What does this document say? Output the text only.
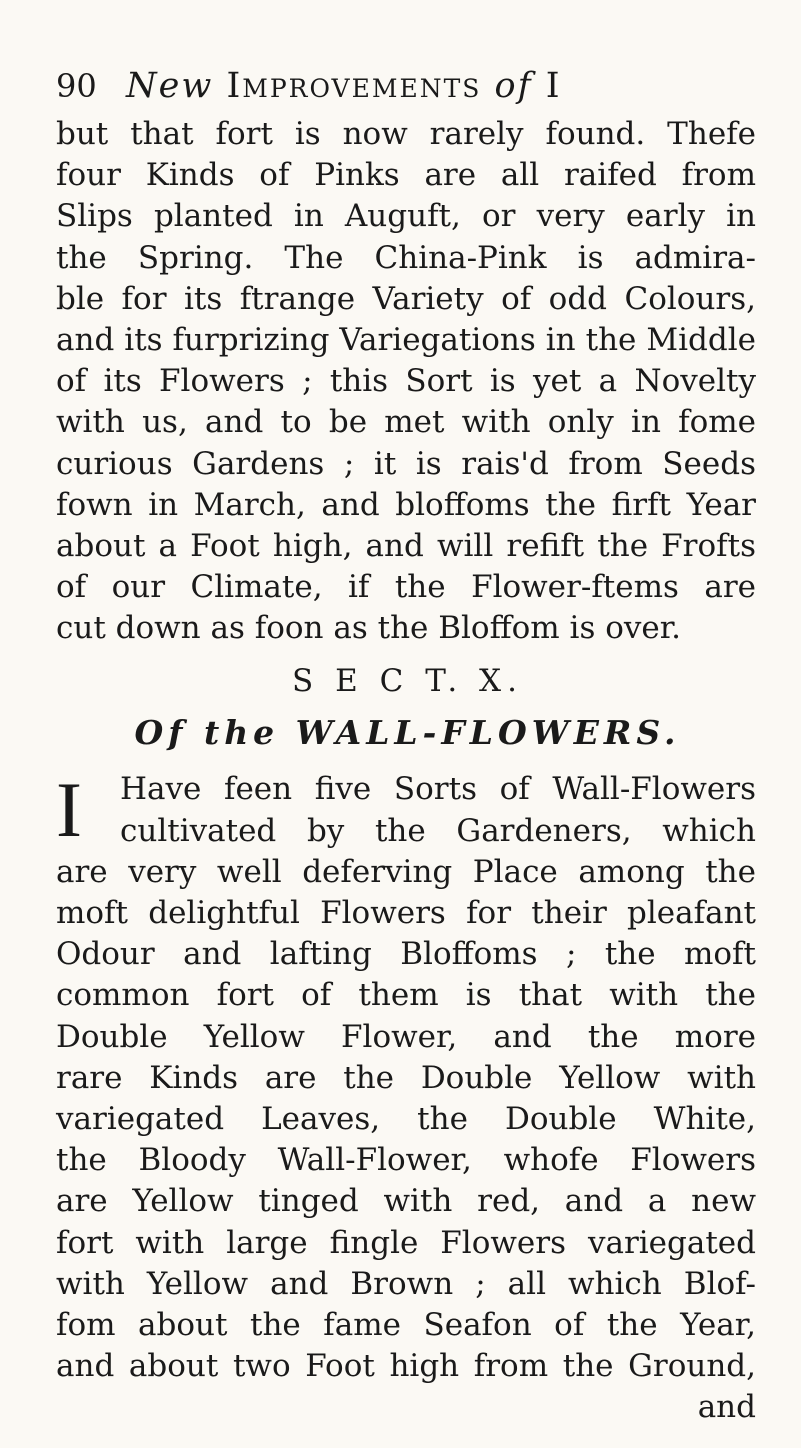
90 New Improvements of I
but that fort is now rarely found. Thefe
four Kinds of Pinks are all raifed from
Slips planted in Auguft, or very early in
the Spring. The China-Pink is admira-
ble for its ftrange Variety of odd Colours,
and its furprizing Variegations in the Middle
of its Flowers ; this Sort is yet a Novelty
with us, and to be met with only in fome
curious Gardens ; it is rais'd from Seeds
fown in March, and bloffoms the firft Year
about a Foot high, and will refift the Frofts
of our Climate, if the Flower-ftems are
cut down as foon as the Bloffom is over.
S E C T. X.
Of the WALL-FLOWERS.
I	Have feen five Sorts of Wall-Flowers
cultivated by the Gardeners, which
are very well deferving Place among the
moft delightful Flowers for their pleafant
Odour and lafting Bloffoms ; the moft
common fort of them is that with the
Double Yellow Flower, and the more
rare Kinds are the Double Yellow with
variegated Leaves, the Double White,
the Bloody Wall-Flower, whofe Flowers
are Yellow tinged with red, and a new
fort with large fingle Flowers variegated
with Yellow and Brown ; all which Blof-
fom about the fame Seafon of the Year,
and about two Foot high from the Ground,
and
